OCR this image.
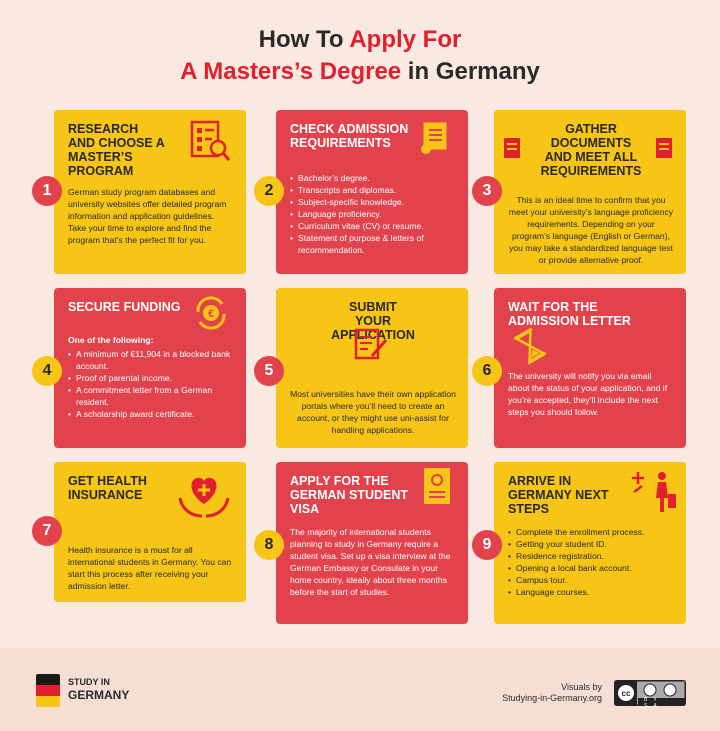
How To Apply For
A Masters’s Degree in Germany
RESEARCH AND CHOOSE A MASTER’S PROGRAM
German study program databases and university websites offer detailed program information and application guidelines. Take your time to explore and find the program that’s the perfect fit for you.
1
CHECK ADMISSION REQUIREMENTS
• Bachelor’s degree.
• Transcripts and diplomas.
• Subject-specific knowledge.
• Language proficiency.
• Curriculum vitae (CV) or resume.
• Statement of purpose & letters of recommendation.
2
GATHER DOCUMENTS AND MEET ALL REQUIREMENTS
This is an ideal time to confirm that you meet your university’s language proficiency requirements. Depending on your program’s language (English or German), you may take a standardized language test or provide alternative proof.
3
SECURE FUNDING
One of the following:
• A minimum of €11,904 in a blocked bank account.
• Proof of parental income.
• A commitment letter from a German resident.
• A scholarship award certificate.
€
4
SUBMIT YOUR APPLICATION
Most universities have their own application portals where you’ll need to create an account, or they might use uni-assist for handling applications.
5
WAIT FOR THE ADMISSION LETTER
The university will notify you via email about the status of your application, and if you’re accepted, they’ll include the next steps you should follow.
6
GET HEALTH INSURANCE
Health insurance is a must for all international students in Germany. You can start this process after receiving your admission letter.
7
APPLY FOR THE GERMAN STUDENT VISA
The majority of international students planning to study in Germany require a student visa. Set up a visa interview at the German Embassy or Consulate in your home country, ideally about three months before the start of studies.
8
ARRIVE IN GERMANY NEXT STEPS
• Complete the enrollment process.
• Getting your student ID.
• Residence registration.
• Opening a local bank account.
• Campus tour.
• Language courses.
9
STUDY IN
GERMANY
Visuals by
Studying-in-Germany.org cc
BY SA
